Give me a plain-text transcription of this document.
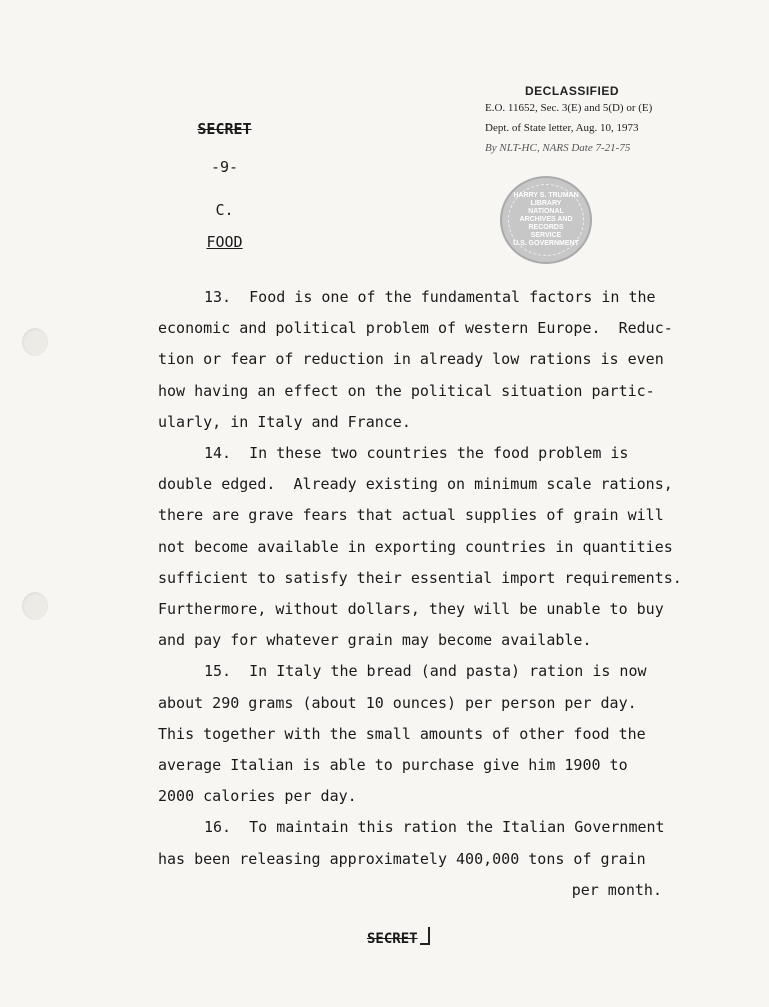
DECLASSIFIED
E.O. 11652, Sec. 3(E) and 5(D) or (E)
Dept. of State letter, Aug. 10, 1973
By NLT-HC, NARS Date 7-21-75
HARRY S. TRUMAN LIBRARY
NATIONAL
ARCHIVES AND
RECORDS
SERVICE
U.S. GOVERNMENT
SECRET
-9-
C.
FOOD

13.  Food is one of the fundamental factors in the

economic and political problem of western Europe.  Reduc-

tion or fear of reduction in already low rations is even

how having an effect on the political situation partic-

ularly, in Italy and France.

14.  In these two countries the food problem is

double edged.  Already existing on minimum scale rations,

there are grave fears that actual supplies of grain will

not become available in exporting countries in quantities

sufficient to satisfy their essential import requirements.

Furthermore, without dollars, they will be unable to buy

and pay for whatever grain may become available.

15.  In Italy the bread (and pasta) ration is now

about 290 grams (about 10 ounces) per person per day.

This together with the small amounts of other food the

average Italian is able to purchase give him 1900 to

2000 calories per day.

16.  To maintain this ration the Italian Government

has been releasing approximately 400,000 tons of grain

per month.

SECRET
